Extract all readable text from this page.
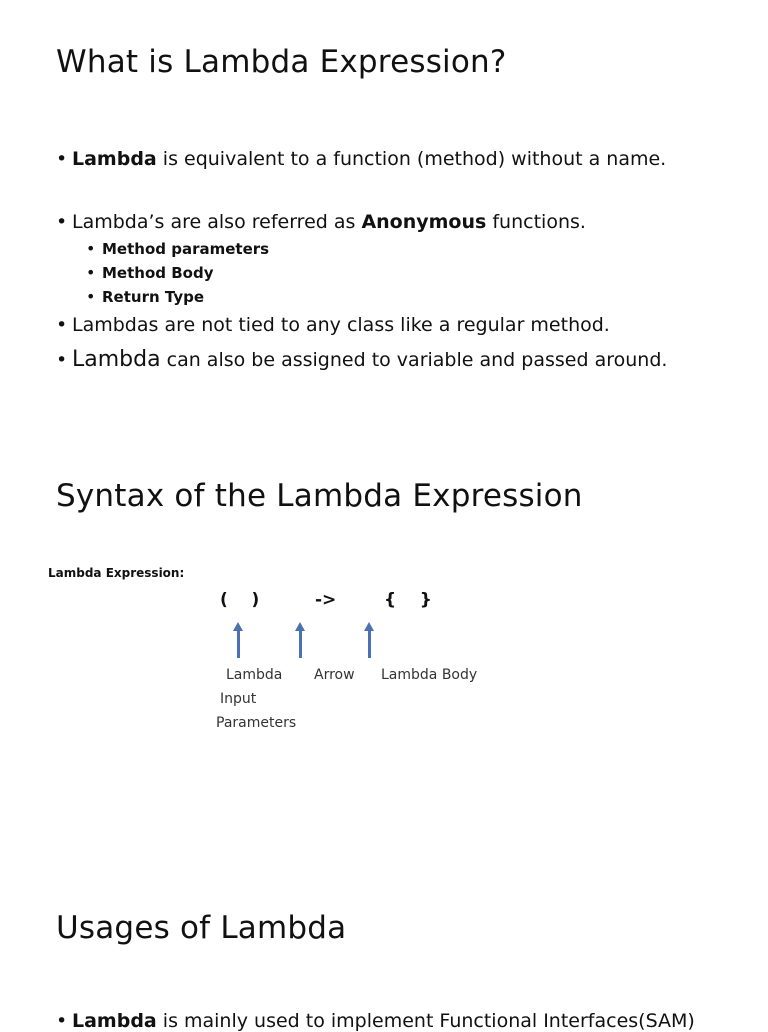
What is Lambda Expression?
• Lambda is equivalent to a function (method) without a name.
• Lambda’s are also referred as Anonymous functions.
• Method parameters
• Method Body
• Return Type
• Lambdas are not tied to any class like a regular method.
• Lambda can also be assigned to variable and passed around.
Syntax of the Lambda Expression
Lambda Expression:
(    )	->	{    }
Lambda
Input
Parameters
Arrow Lambda Body
Usages of Lambda
• Lambda is mainly used to implement Functional Interfaces(SAM)
